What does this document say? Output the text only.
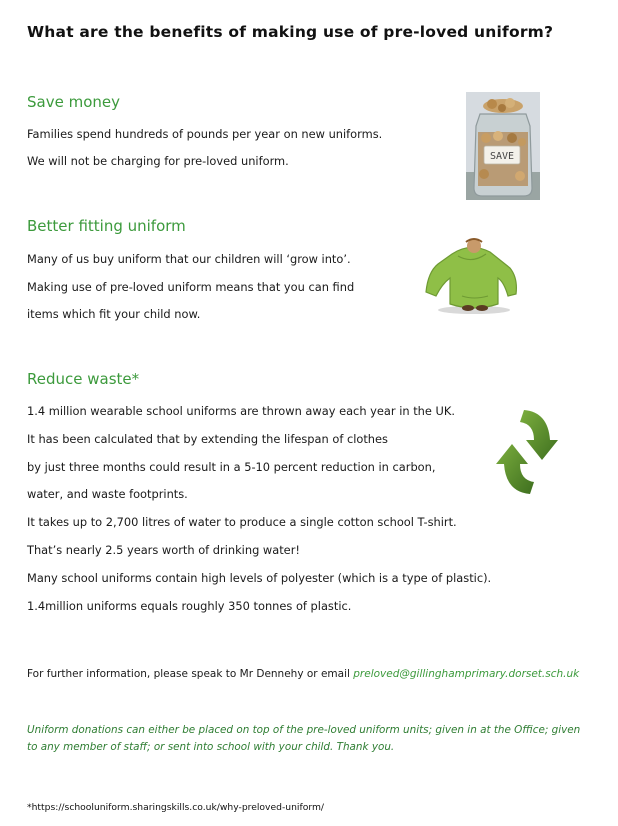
What are the benefits of making use of pre-loved uniform?
Save money
Families spend hundreds of pounds per year on new uniforms.
We will not be charging for pre-loved uniform.	SAVE
Better fitting uniform
Many of us buy uniform that our children will ‘grow into’.
Making use of pre-loved uniform means that you can find
items which fit your child now.
Reduce waste*
1.4 million wearable school uniforms are thrown away each year in the UK.
It has been calculated that by extending the lifespan of clothes
by just three months could result in a 5-10 percent reduction in carbon,
water, and waste footprints.
It takes up to 2,700 litres of water to produce a single cotton school T-shirt.
That’s nearly 2.5 years worth of drinking water!
Many school uniforms contain high levels of polyester (which is a type of plastic).
1.4million uniforms equals roughly 350 tonnes of plastic.
For further information, please speak to Mr Dennehy or email preloved@gillinghamprimary.dorset.sch.uk
Uniform donations can either be placed on top of the pre-loved uniform units; given in at the Office; given to any member of staff; or sent into school with your child. Thank you.
*https://schooluniform.sharingskills.co.uk/why-preloved-uniform/
